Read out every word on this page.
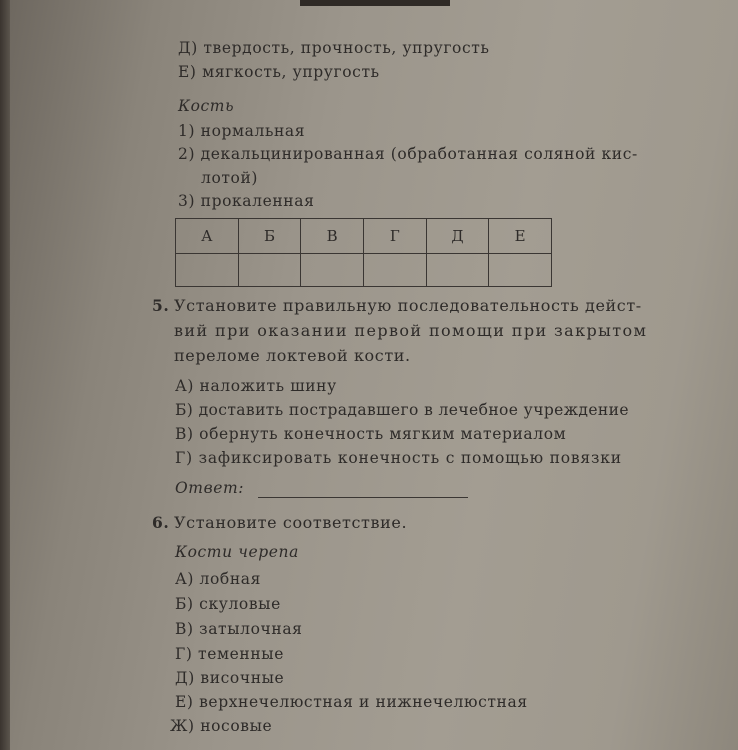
Д) твердость, прочность, упругость
Е) мягкость, упругость
Кость
1) нормальная
2) декальцинированная (обработанная соляной кис-
лотой)
3) прокаленная
А	Б	В	Г	Д	Е

5. Установите правильную последовательность дейст-
вий при оказании первой помощи при закрытом
переломе локтевой кости.
А) наложить шину
Б) доставить пострадавшего в лечебное учреждение
В) обернуть конечность мягким материалом
Г) зафиксировать конечность с помощью повязки
Ответ:
6. Установите соответствие.
Кости черепа
А) лобная
Б) скуловые
В) затылочная
Г) теменные
Д) височные
Е) верхнечелюстная и нижнечелюстная
Ж) носовые
